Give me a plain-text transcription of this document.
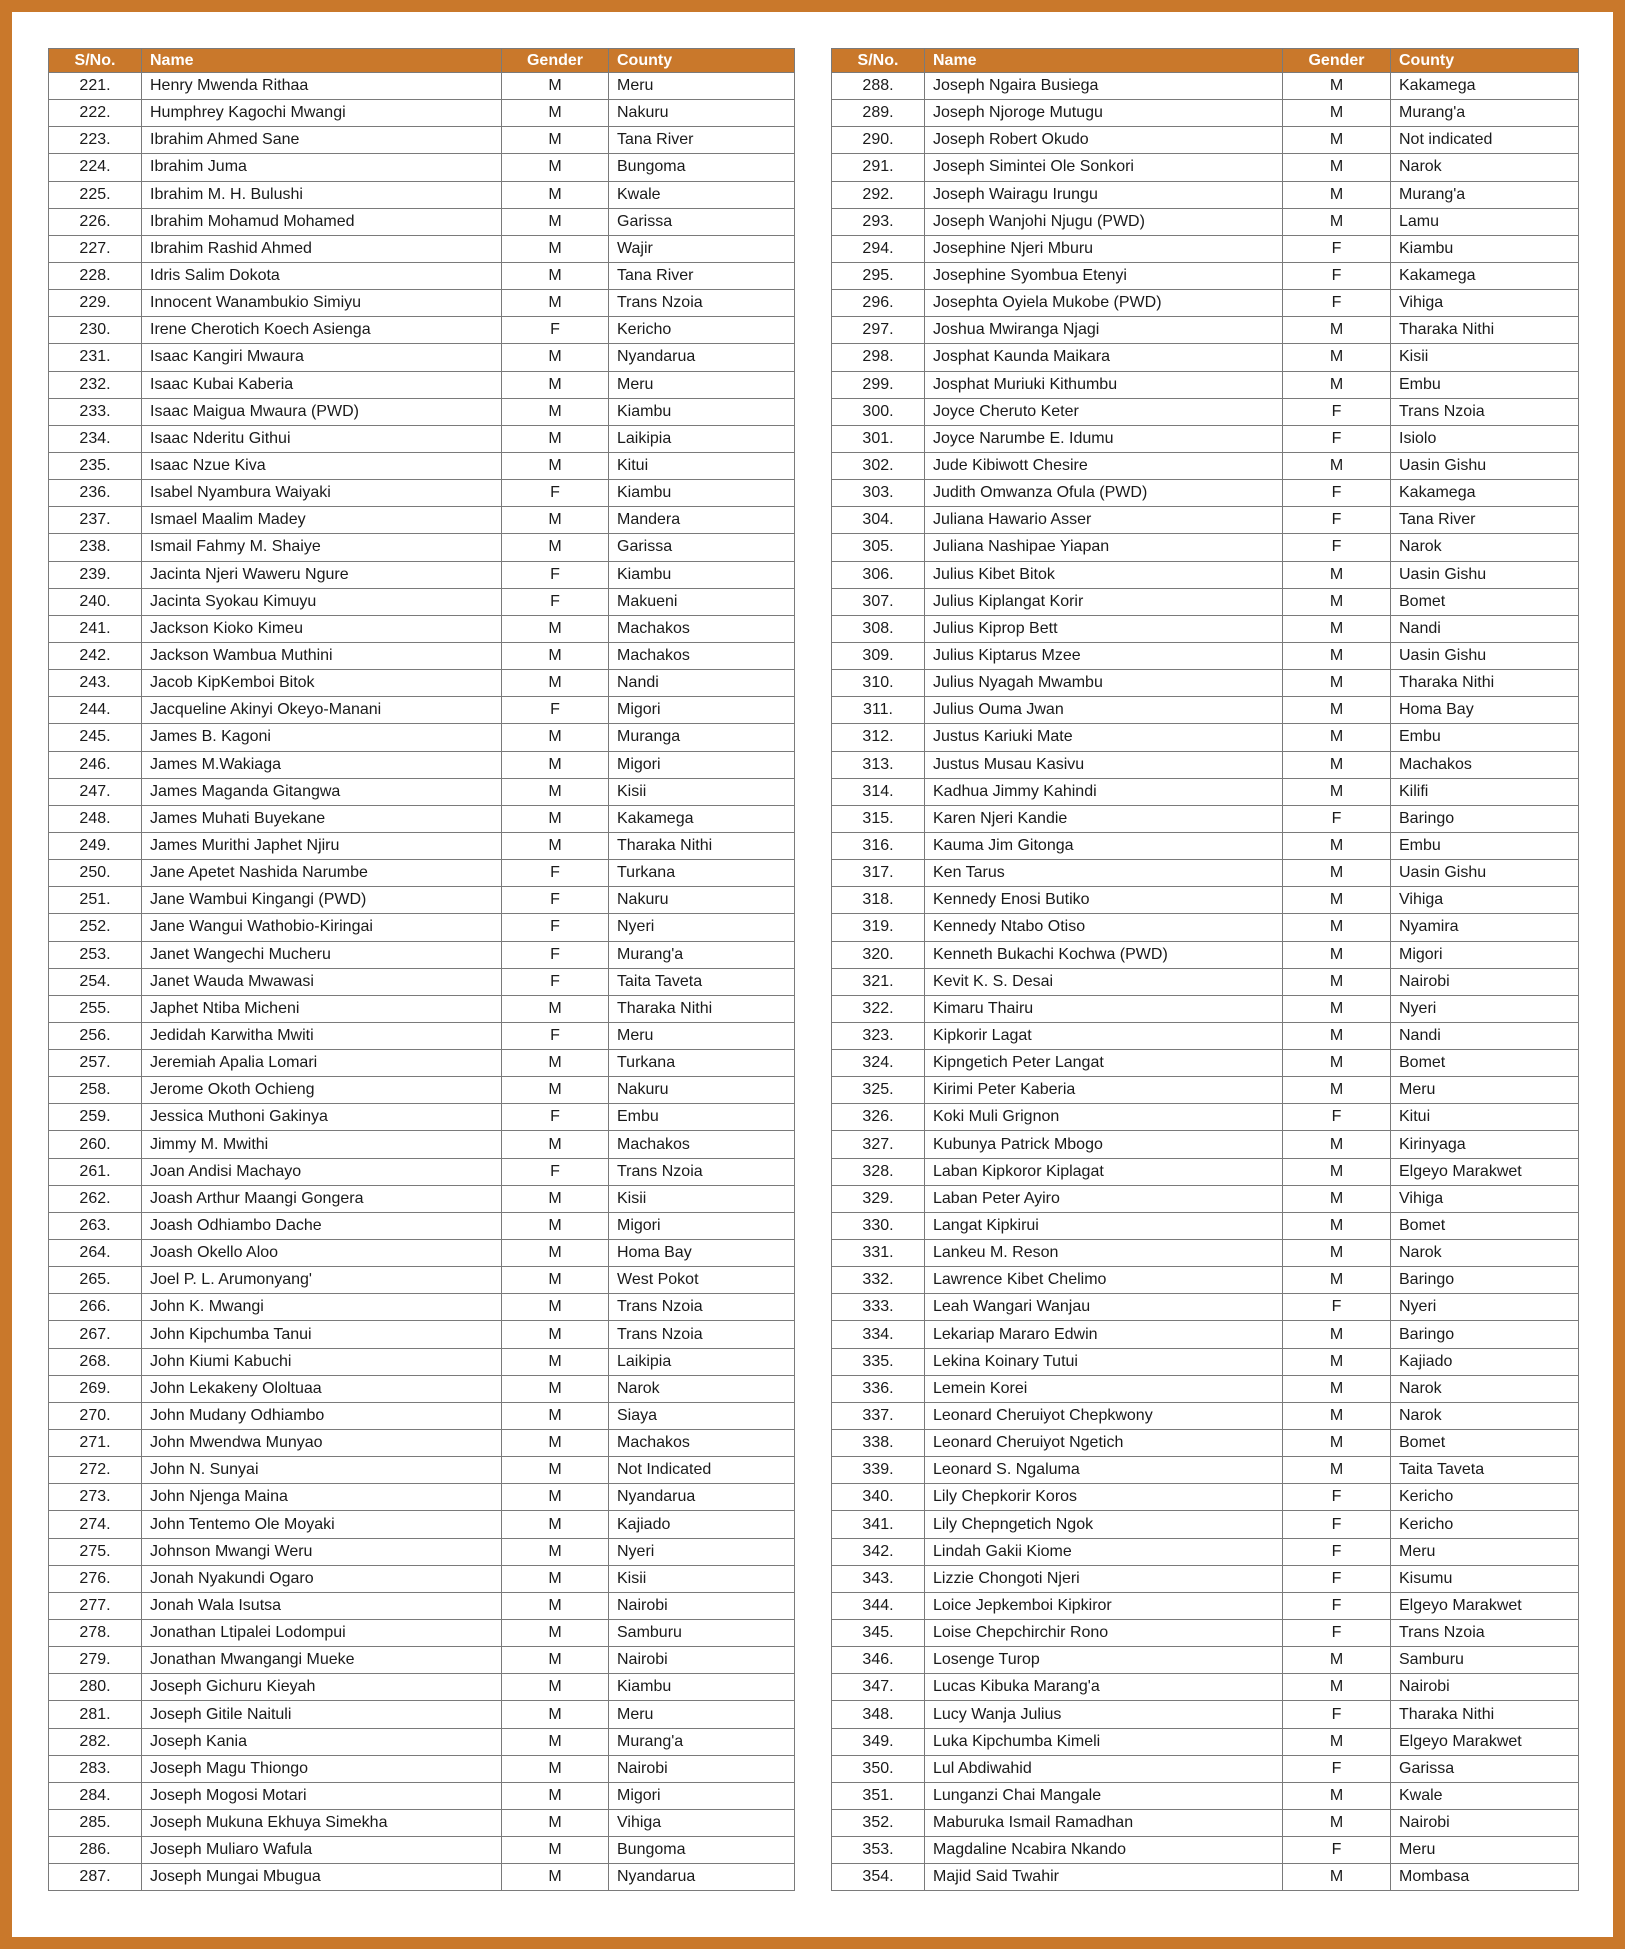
S/No.	Name	Gender	County
221.	Henry Mwenda Rithaa	M	Meru
222.	Humphrey Kagochi Mwangi	M	Nakuru
223.	Ibrahim Ahmed Sane	M	Tana River
224.	Ibrahim Juma	M	Bungoma
225.	Ibrahim M. H. Bulushi	M	Kwale
226.	Ibrahim Mohamud Mohamed	M	Garissa
227.	Ibrahim Rashid Ahmed	M	Wajir
228.	Idris Salim Dokota	M	Tana River
229.	Innocent Wanambukio Simiyu	M	Trans Nzoia
230.	Irene Cherotich Koech Asienga	F	Kericho
231.	Isaac Kangiri Mwaura	M	Nyandarua
232.	Isaac Kubai Kaberia	M	Meru
233.	Isaac Maigua Mwaura (PWD)	M	Kiambu
234.	Isaac Nderitu Githui	M	Laikipia
235.	Isaac Nzue Kiva	M	Kitui
236.	Isabel Nyambura Waiyaki	F	Kiambu
237.	Ismael Maalim Madey	M	Mandera
238.	Ismail Fahmy M. Shaiye	M	Garissa
239.	Jacinta Njeri Waweru Ngure	F	Kiambu
240.	Jacinta Syokau Kimuyu	F	Makueni
241.	Jackson Kioko Kimeu	M	Machakos
242.	Jackson Wambua Muthini	M	Machakos
243.	Jacob KipKemboi Bitok	M	Nandi
244.	Jacqueline Akinyi Okeyo-Manani	F	Migori
245.	James B. Kagoni	M	Muranga
246.	James M.Wakiaga	M	Migori
247.	James Maganda Gitangwa	M	Kisii
248.	James Muhati Buyekane	M	Kakamega
249.	James Murithi Japhet Njiru	M	Tharaka Nithi
250.	Jane Apetet Nashida Narumbe	F	Turkana
251.	Jane Wambui Kingangi (PWD)	F	Nakuru
252.	Jane Wangui Wathobio-Kiringai	F	Nyeri
253.	Janet Wangechi Mucheru	F	Murang'a
254.	Janet Wauda Mwawasi	F	Taita Taveta
255.	Japhet Ntiba Micheni	M	Tharaka Nithi
256.	Jedidah Karwitha Mwiti	F	Meru
257.	Jeremiah Apalia Lomari	M	Turkana
258.	Jerome Okoth Ochieng	M	Nakuru
259.	Jessica Muthoni Gakinya	F	Embu
260.	Jimmy M. Mwithi	M	Machakos
261.	Joan Andisi Machayo	F	Trans Nzoia
262.	Joash Arthur Maangi Gongera	M	Kisii
263.	Joash Odhiambo Dache	M	Migori
264.	Joash Okello Aloo	M	Homa Bay
265.	Joel P. L. Arumonyang'	M	West Pokot
266.	John K. Mwangi	M	Trans Nzoia
267.	John Kipchumba Tanui	M	Trans Nzoia
268.	John Kiumi Kabuchi	M	Laikipia
269.	John Lekakeny Ololtuaa	M	Narok
270.	John Mudany Odhiambo	M	Siaya
271.	John Mwendwa Munyao	M	Machakos
272.	John N. Sunyai	M	Not Indicated
273.	John Njenga Maina	M	Nyandarua
274.	John Tentemo Ole Moyaki	M	Kajiado
275.	Johnson Mwangi Weru	M	Nyeri
276.	Jonah Nyakundi Ogaro	M	Kisii
277.	Jonah Wala Isutsa	M	Nairobi
278.	Jonathan Ltipalei Lodompui	M	Samburu
279.	Jonathan Mwangangi Mueke	M	Nairobi
280.	Joseph Gichuru Kieyah	M	Kiambu
281.	Joseph Gitile Naituli	M	Meru
282.	Joseph Kania	M	Murang'a
283.	Joseph Magu Thiongo	M	Nairobi
284.	Joseph Mogosi Motari	M	Migori
285.	Joseph Mukuna Ekhuya Simekha	M	Vihiga
286.	Joseph Muliaro Wafula	M	Bungoma
287.	Joseph Mungai Mbugua	M	Nyandarua
S/No.	Name	Gender	County
288.	Joseph Ngaira Busiega	M	Kakamega
289.	Joseph Njoroge Mutugu	M	Murang'a
290.	Joseph Robert Okudo	M	Not indicated
291.	Joseph Simintei Ole Sonkori	M	Narok
292.	Joseph Wairagu Irungu	M	Murang'a
293.	Joseph Wanjohi Njugu (PWD)	M	Lamu
294.	Josephine Njeri Mburu	F	Kiambu
295.	Josephine Syombua Etenyi	F	Kakamega
296.	Josephta Oyiela Mukobe (PWD)	F	Vihiga
297.	Joshua Mwiranga Njagi	M	Tharaka Nithi
298.	Josphat Kaunda Maikara	M	Kisii
299.	Josphat Muriuki Kithumbu	M	Embu
300.	Joyce Cheruto Keter	F	Trans Nzoia
301.	Joyce Narumbe E. Idumu	F	Isiolo
302.	Jude Kibiwott Chesire	M	Uasin Gishu
303.	Judith Omwanza Ofula (PWD)	F	Kakamega
304.	Juliana Hawario Asser	F	Tana River
305.	Juliana Nashipae Yiapan	F	Narok
306.	Julius Kibet Bitok	M	Uasin Gishu
307.	Julius Kiplangat Korir	M	Bomet
308.	Julius Kiprop Bett	M	Nandi
309.	Julius Kiptarus Mzee	M	Uasin Gishu
310.	Julius Nyagah Mwambu	M	Tharaka Nithi
311.	Julius Ouma Jwan	M	Homa Bay
312.	Justus Kariuki Mate	M	Embu
313.	Justus Musau Kasivu	M	Machakos
314.	Kadhua Jimmy Kahindi	M	Kilifi
315.	Karen Njeri Kandie	F	Baringo
316.	Kauma Jim Gitonga	M	Embu
317.	Ken Tarus	M	Uasin Gishu
318.	Kennedy Enosi Butiko	M	Vihiga
319.	Kennedy Ntabo Otiso	M	Nyamira
320.	Kenneth Bukachi Kochwa (PWD)	M	Migori
321.	Kevit K. S. Desai	M	Nairobi
322.	Kimaru Thairu	M	Nyeri
323.	Kipkorir Lagat	M	Nandi
324.	Kipngetich Peter Langat	M	Bomet
325.	Kirimi Peter Kaberia	M	Meru
326.	Koki Muli Grignon	F	Kitui
327.	Kubunya Patrick Mbogo	M	Kirinyaga
328.	Laban Kipkoror Kiplagat	M	Elgeyo Marakwet
329.	Laban Peter Ayiro	M	Vihiga
330.	Langat Kipkirui	M	Bomet
331.	Lankeu M. Reson	M	Narok
332.	Lawrence Kibet Chelimo	M	Baringo
333.	Leah Wangari Wanjau	F	Nyeri
334.	Lekariap Mararo Edwin	M	Baringo
335.	Lekina Koinary Tutui	M	Kajiado
336.	Lemein Korei	M	Narok
337.	Leonard Cheruiyot Chepkwony	M	Narok
338.	Leonard Cheruiyot Ngetich	M	Bomet
339.	Leonard S. Ngaluma	M	Taita Taveta
340.	Lily Chepkorir Koros	F	Kericho
341.	Lily Chepngetich Ngok	F	Kericho
342.	Lindah Gakii Kiome	F	Meru
343.	Lizzie Chongoti Njeri	F	Kisumu
344.	Loice Jepkemboi Kipkiror	F	Elgeyo Marakwet
345.	Loise Chepchirchir Rono	F	Trans Nzoia
346.	Losenge Turop	M	Samburu
347.	Lucas Kibuka Marang'a	M	Nairobi
348.	Lucy Wanja Julius	F	Tharaka Nithi
349.	Luka Kipchumba Kimeli	M	Elgeyo Marakwet
350.	Lul Abdiwahid	F	Garissa
351.	Lunganzi Chai Mangale	M	Kwale
352.	Maburuka Ismail Ramadhan	M	Nairobi
353.	Magdaline Ncabira Nkando	F	Meru
354.	Majid Said Twahir	M	Mombasa
